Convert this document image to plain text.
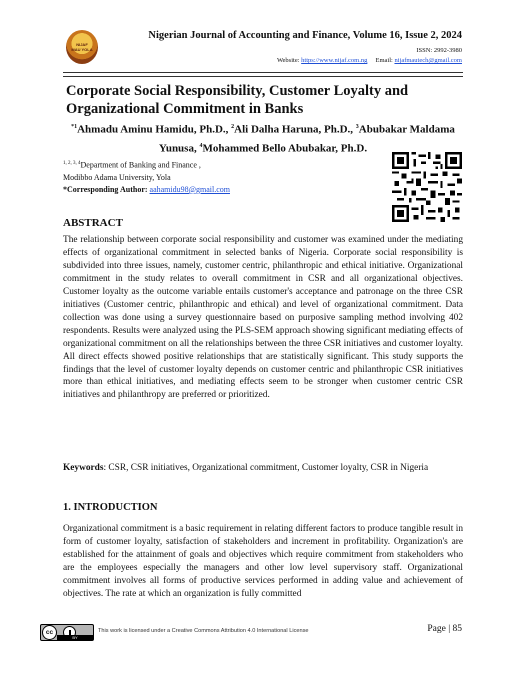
NIJAF
MAU YOLA
Nigerian Journal of Accounting and Finance, Volume 16, Issue 2, 2024
ISSN: 2992-3980
Website: https://www.nijaf.com.ng Email: nijafmautech@gmail.com
Corporate Social Responsibility, Customer Loyalty and Organizational Commitment in Banks
$^{*1}$Ahmadu Aminu Hamidu, Ph.D., $^2$Ali Dalha Haruna, Ph.D., $^3$Abubakar Maldama Yunusa, $^4$Mohammed Bello Abubakar, Ph.D.
$^{1, 2, 3, 4}$Department of Banking and Finance ,
Modibbo Adama University, Yola
*Corresponding Author: aahamidu98@gmail.com
ABSTRACT

The relationship between corporate social responsibility and customer was examined under the mediating effects of organizational commitment in selected banks of Nigeria. Corporate social responsibility is subdivided into three issues, namely, customer centric, philanthropic and ethical initiative. Organizational commitment in the study relates to overall commitment in CSR and all organizational objectives. Customer loyalty as the outcome variable entails customer's acceptance and patronage on the three CSR initiatives (Customer centric, philanthropic and ethical) and level of organizational commitment. Data collection was done using a survey questionnaire based on purposive sampling method involving 402 respondents. Results were analyzed using the PLS-SEM approach showing significant mediating effects of organizational commitment on all the relationships between the three CSR initiatives and customer loyalty. All direct effects showed positive relationships that are statistically significant. This study supports the findings that the level of customer loyalty depends on customer centric and philanthropic CSR initiatives more than ethical initiatives, and mediating effects seem to be stronger when customer centric CSR initiatives and philanthropy are preferred or prioritized.

Keywords: CSR, CSR initiatives, Organizational commitment, Customer loyalty, CSR in Nigeria

1. INTRODUCTION

Organizational commitment is a basic requirement in relating different factors to produce tangible result in form of customer loyalty, satisfaction of stakeholders and increment in profitability. Organization's are established for the attainment of goals and objectives which require commitment from stakeholders who are the employees especially the managers and other low level supervisory staff. Organizational commitment involves all forms of productive services performed in adding value and achievement of objectives. The rate at which an organization is fully committed

cc
BY
This work is licensed under a Creative Commons Attribution 4.0 International License	Page | 85
